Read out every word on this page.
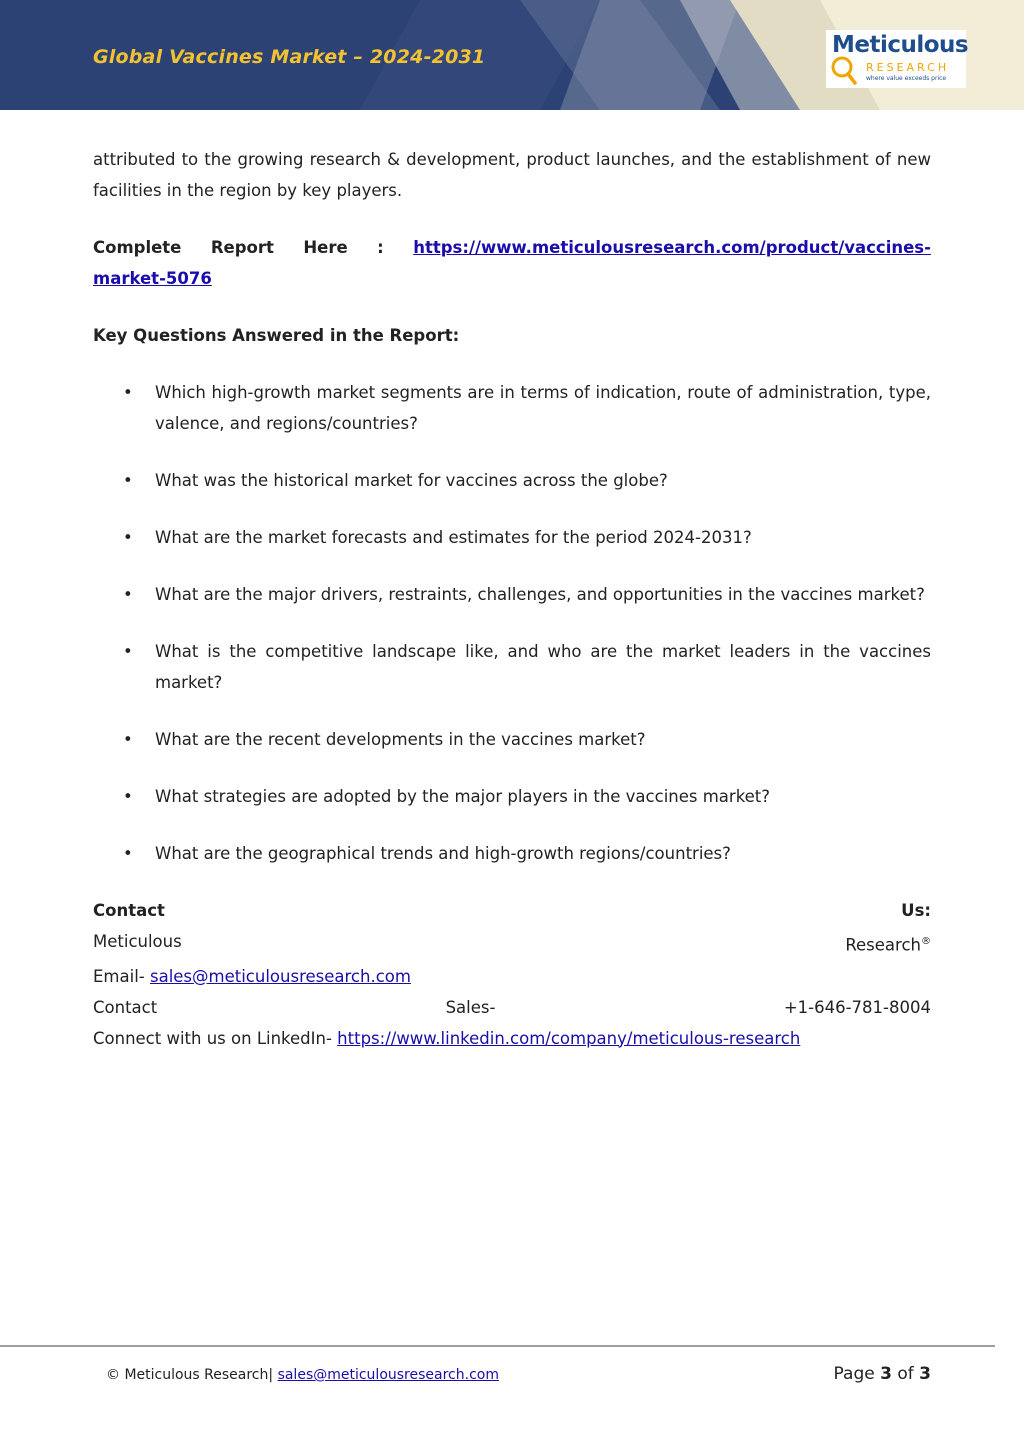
Global Vaccines Market – 2024-2031	Meticulous
RESEARCH
where value exceeds price

attributed to the growing research & development, product launches, and the establishment of new facilities in the region by key players.

Complete Report Here : https://www.meticulousresearch.com/product/vaccines-
market-5076

Key Questions Answered in the Report:

• Which high-growth market segments are in terms of indication, route of administration, type, valence, and regions/countries?
• What was the historical market for vaccines across the globe?
• What are the market forecasts and estimates for the period 2024-2031?
• What are the major drivers, restraints, challenges, and opportunities in the vaccines market?
• What is the competitive landscape like, and who are the market leaders in the vaccines market?
• What are the recent developments in the vaccines market?
• What strategies are adopted by the major players in the vaccines market?
• What are the geographical trends and high-growth regions/countries?
Contact	Us:
Meticulous	Research®
Email- sales@meticulousresearch.com
Contact	Sales-	+1-646-781-8004
Connect with us on LinkedIn- https://www.linkedin.com/company/meticulous-research
© Meticulous Research| sales@meticulousresearch.com	Page 3 of 3
